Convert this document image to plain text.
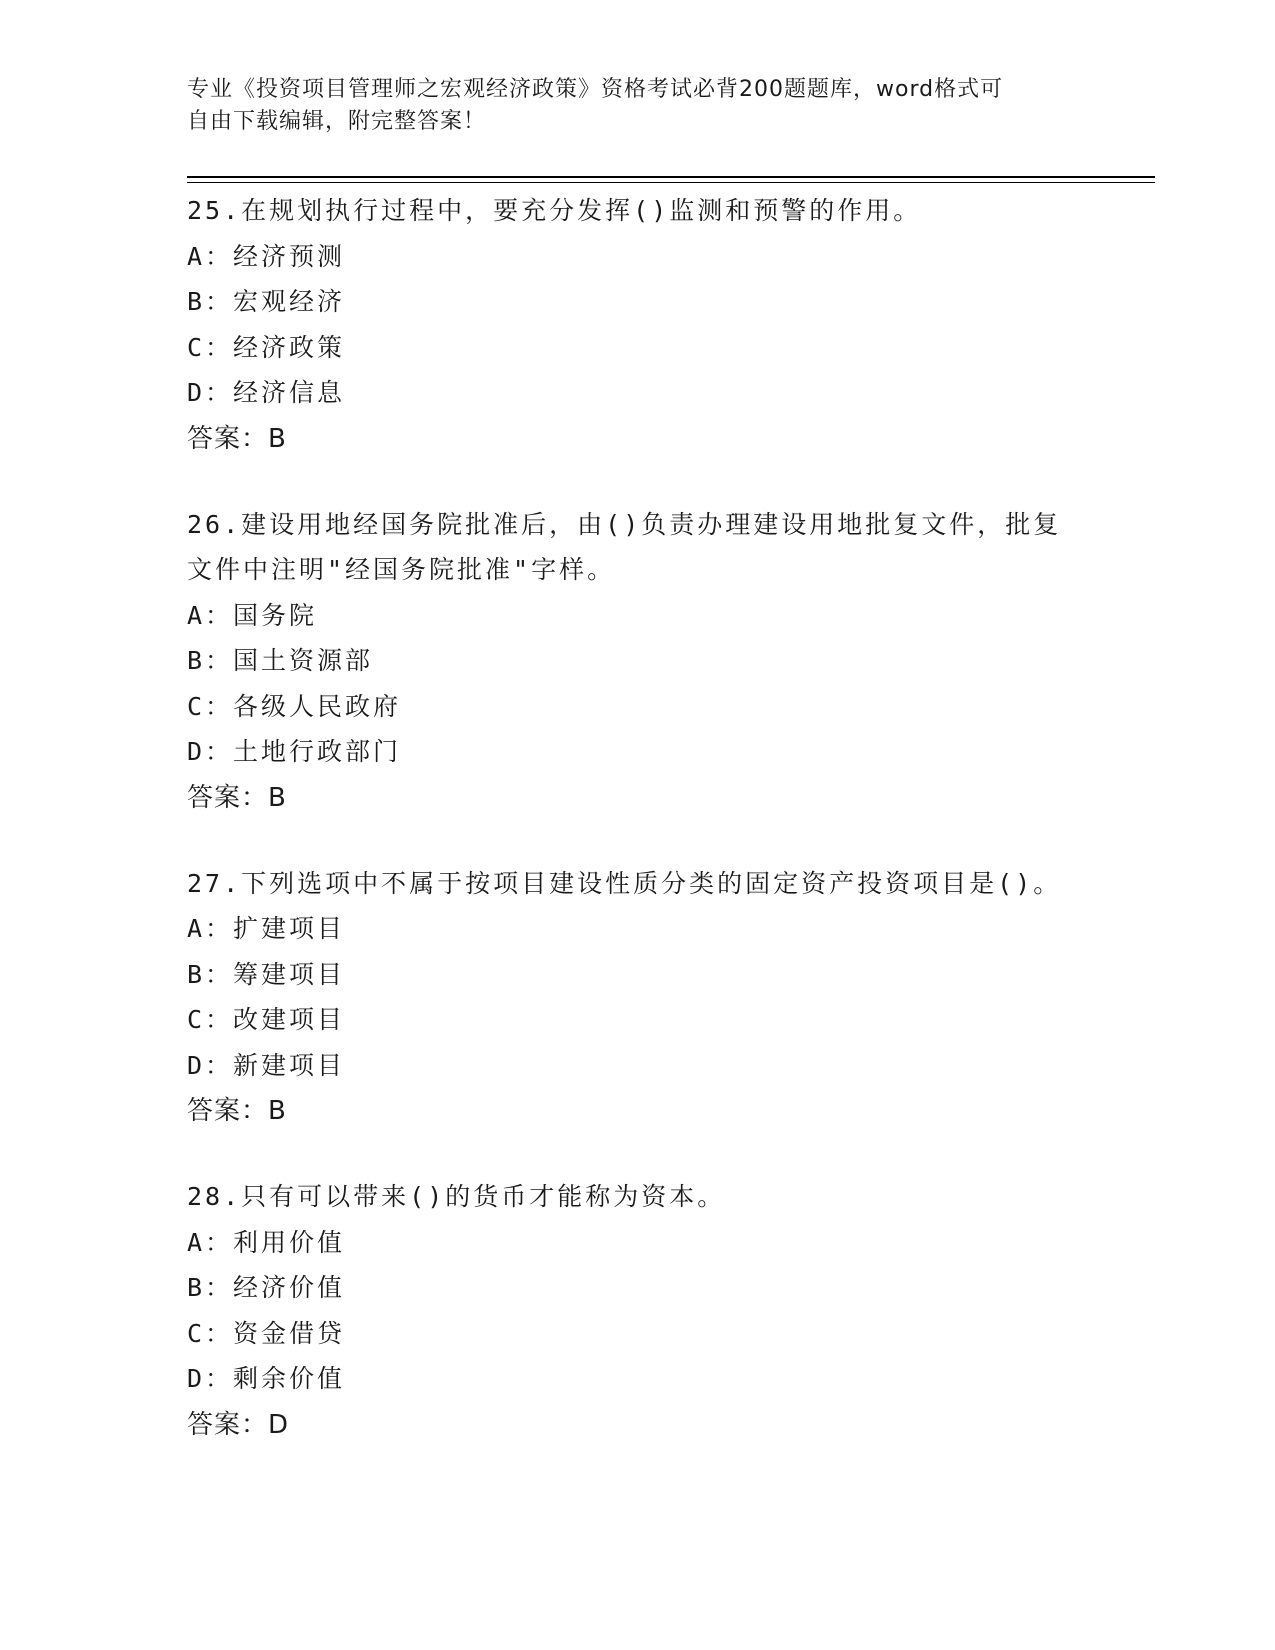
专业《投资项目管理师之宏观经济政策》资格考试必背200题题库，word格式可
自由下载编辑，附完整答案！
25.在规划执行过程中，要充分发挥()监测和预警的作用。
A：经济预测
B：宏观经济
C：经济政策
D：经济信息
答案：B
26.建设用地经国务院批准后，由()负责办理建设用地批复文件，批复文件中注明"经国务院批准"字样。
A：国务院
B：国土资源部
C：各级人民政府
D：土地行政部门
答案：B
27.下列选项中不属于按项目建设性质分类的固定资产投资项目是()。
A：扩建项目
B：筹建项目
C：改建项目
D：新建项目
答案：B
28.只有可以带来()的货币才能称为资本。
A：利用价值
B：经济价值
C：资金借贷
D：剩余价值
答案：D
